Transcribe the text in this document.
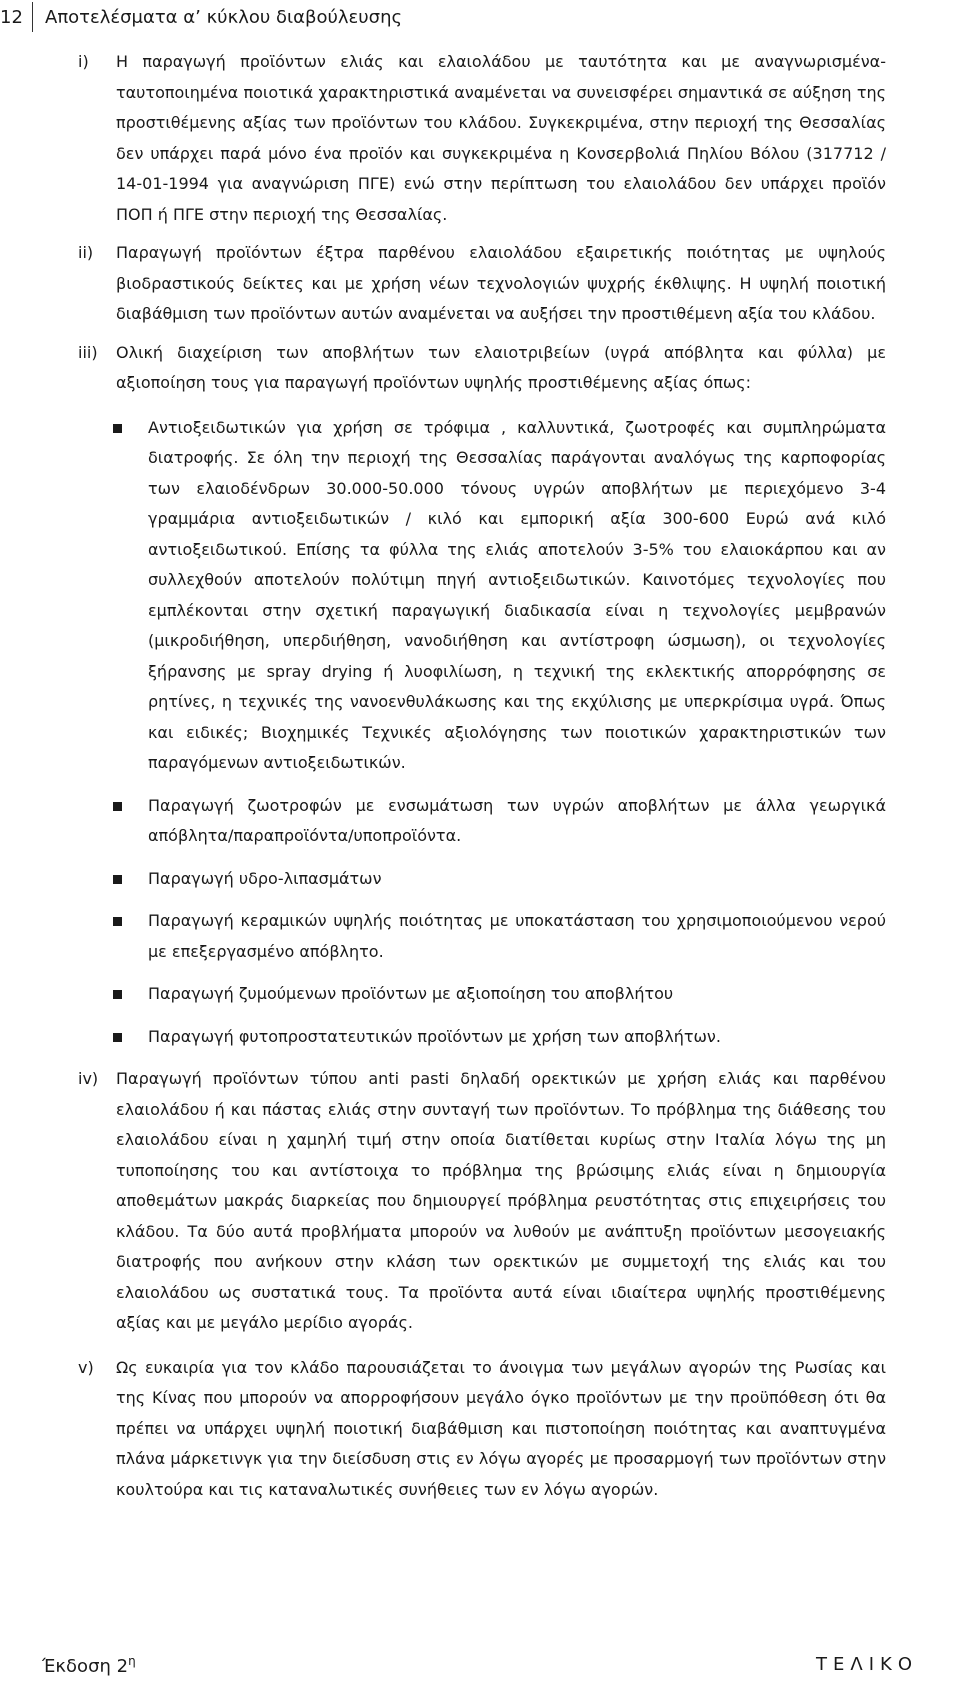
12	Αποτελέσματα α’ κύκλου διαβούλευσης
i)	Η παραγωγή προϊόντων ελιάς και ελαιολάδου με ταυτότητα και με αναγνωρισμένα-ταυτοποιημένα ποιοτικά χαρακτηριστικά αναμένεται να συνεισφέρει σημαντικά σε αύξηση της προστιθέμενης αξίας των προϊόντων του κλάδου. Συγκεκριμένα, στην περιοχή της Θεσσαλίας δεν υπάρχει παρά μόνο ένα προϊόν και συγκεκριμένα η Κονσερβολιά Πηλίου Βόλου (317712 / 14-01-1994 για αναγνώριση ΠΓΕ) ενώ στην περίπτωση του ελαιολάδου δεν υπάρχει προϊόν ΠΟΠ ή ΠΓΕ στην περιοχή της Θεσσαλίας.

ii)	Παραγωγή προϊόντων έξτρα παρθένου ελαιολάδου εξαιρετικής ποιότητας με υψηλούς βιοδραστικούς δείκτες και με χρήση νέων τεχνολογιών ψυχρής έκθλιψης. Η υψηλή ποιοτική διαβάθμιση των προϊόντων αυτών αναμένεται να αυξήσει την προστιθέμενη αξία του κλάδου.

iii)	Ολική διαχείριση των αποβλήτων των ελαιοτριβείων (υγρά απόβλητα και φύλλα) με αξιοποίηση τους για παραγωγή προϊόντων υψηλής προστιθέμενης αξίας όπως:

Αντιοξειδωτικών για χρήση σε τρόφιμα , καλλυντικά, ζωοτροφές και συμπληρώματα διατροφής. Σε όλη την περιοχή της Θεσσαλίας παράγονται αναλόγως της καρποφορίας των ελαιοδένδρων 30.000-50.000 τόνους υγρών αποβλήτων με περιεχόμενο 3-4 γραμμάρια αντιοξειδωτικών / κιλό και εμπορική αξία 300-600 Ευρώ ανά κιλό αντιοξειδωτικού. Επίσης τα φύλλα της ελιάς αποτελούν 3-5% του ελαιοκάρπου και αν συλλεχθούν αποτελούν πολύτιμη πηγή αντιοξειδωτικών. Καινοτόμες τεχνολογίες που εμπλέκονται στην σχετική παραγωγική διαδικασία είναι η τεχνολογίες μεμβρανών (μικροδιήθηση, υπερδιήθηση, νανοδιήθηση και αντίστροφη ώσμωση), οι τεχνολογίες ξήρανσης με spray drying ή λυοφιλίωση, η τεχνική της εκλεκτικής απορρόφησης σε ρητίνες, η τεχνικές της νανοενθυλάκωσης και της εκχύλισης με υπερκρίσιμα υγρά. Όπως και ειδικές; Βιοχημικές Τεχνικές αξιολόγησης των ποιοτικών χαρακτηριστικών των παραγόμενων αντιοξειδωτικών.
Παραγωγή ζωοτροφών με ενσωμάτωση των υγρών αποβλήτων με άλλα γεωργικά απόβλητα/παραπροϊόντα/υποπροϊόντα.
Παραγωγή υδρο-λιπασμάτων
Παραγωγή κεραμικών υψηλής ποιότητας με υποκατάσταση του χρησιμοποιούμενου νερού με επεξεργασμένο απόβλητο.
Παραγωγή ζυμούμενων προϊόντων με αξιοποίηση του αποβλήτου
Παραγωγή φυτοπροστατευτικών προϊόντων με χρήση των αποβλήτων.
iv)	Παραγωγή προϊόντων τύπου anti pasti δηλαδή ορεκτικών με χρήση ελιάς και παρθένου ελαιολάδου ή και πάστας ελιάς στην συνταγή των προϊόντων. Το πρόβλημα της διάθεσης του ελαιολάδου είναι η χαμηλή τιμή στην οποία διατίθεται κυρίως στην Ιταλία λόγω της μη τυποποίησης του και αντίστοιχα το πρόβλημα της βρώσιμης ελιάς είναι η δημιουργία αποθεμάτων μακράς διαρκείας που δημιουργεί πρόβλημα ρευστότητας στις επιχειρήσεις του κλάδου. Τα δύο αυτά προβλήματα μπορούν να λυθούν με ανάπτυξη προϊόντων μεσογειακής διατροφής που ανήκουν στην κλάση των ορεκτικών με συμμετοχή της ελιάς και του ελαιολάδου ως συστατικά τους. Τα προϊόντα αυτά είναι ιδιαίτερα υψηλής προστιθέμενης αξίας και με μεγάλο μερίδιο αγοράς.

v)	Ως ευκαιρία για τον κλάδο παρουσιάζεται το άνοιγμα των μεγάλων αγορών της Ρωσίας και της Κίνας που μπορούν να απορροφήσουν μεγάλο όγκο προϊόντων με την προϋπόθεση ότι θα πρέπει να υπάρχει υψηλή ποιοτική διαβάθμιση και πιστοποίηση ποιότητας και αναπτυγμένα πλάνα μάρκετινγκ για την διείσδυση στις εν λόγω αγορές με προσαρμογή των προϊόντων στην κουλτούρα και τις καταναλωτικές συνήθειες των εν λόγω αγορών.

Έκδοση $2^\eta$	ΤΕΛΙΚΟ
